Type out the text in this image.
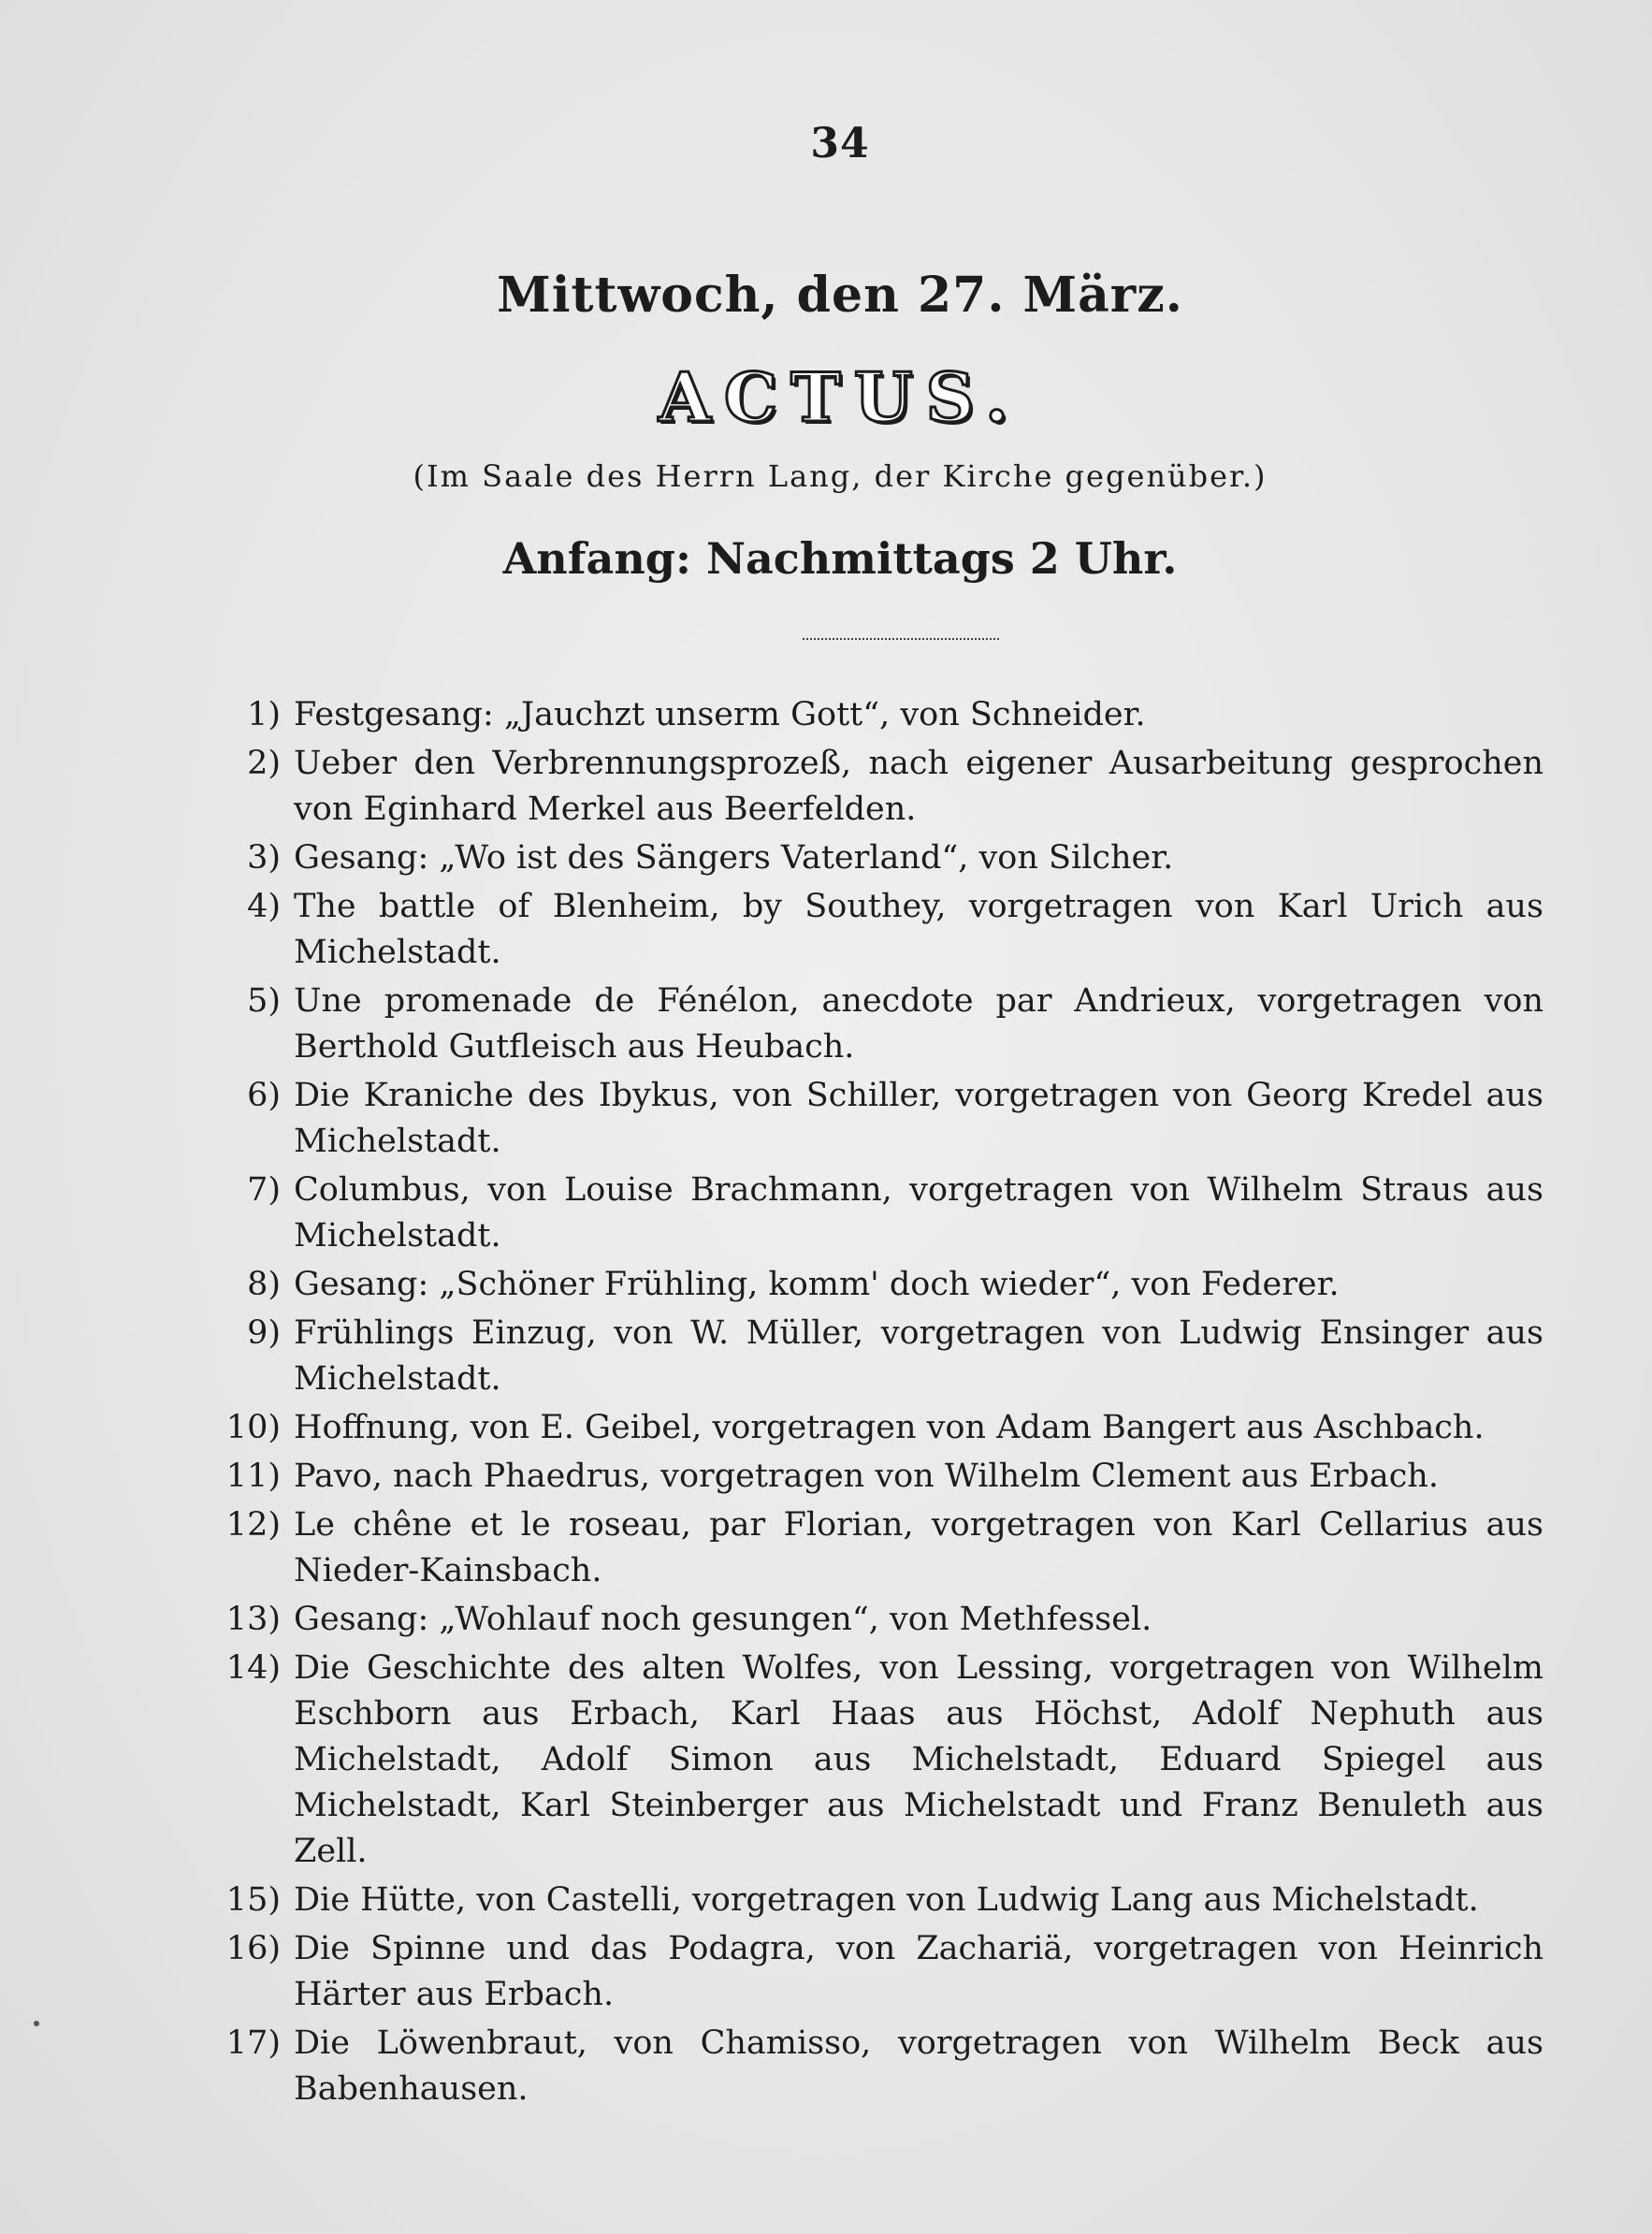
34
Mittwoch, den 27. März.
ACTUS.
(Im Saale des Herrn Lang, der Kirche gegenüber.)
Anfang: Nachmittags 2 Uhr.
1) Festgesang: „Jauchzt unserm Gott“, von Schneider.
2) Ueber den Verbrennungsprozeß, nach eigener Ausarbeitung gesprochen von Eginhard Merkel aus Beerfelden.
3) Gesang: „Wo ist des Sängers Vaterland“, von Silcher.
4) The battle of Blenheim, by Southey, vorgetragen von Karl Urich aus Michelstadt.
5) Une promenade de Fénélon, anecdote par Andrieux, vorgetragen von Berthold Gutfleisch aus Heubach.
6) Die Kraniche des Ibykus, von Schiller, vorgetragen von Georg Kredel aus Michelstadt.
7) Columbus, von Louise Brachmann, vorgetragen von Wilhelm Straus aus Michelstadt.
8) Gesang: „Schöner Frühling, komm' doch wieder“, von Federer.
9) Frühlings Einzug, von W. Müller, vorgetragen von Ludwig Ensinger aus Michelstadt.
10) Hoffnung, von E. Geibel, vorgetragen von Adam Bangert aus Aschbach.
11) Pavo, nach Phaedrus, vorgetragen von Wilhelm Clement aus Erbach.
12) Le chêne et le roseau, par Florian, vorgetragen von Karl Cellarius aus Nieder-Kainsbach.
13) Gesang: „Wohlauf noch gesungen“, von Methfessel.
14) Die Geschichte des alten Wolfes, von Lessing, vorgetragen von Wilhelm Eschborn aus Erbach, Karl Haas aus Höchst, Adolf Nephuth aus Michelstadt, Adolf Simon aus Michelstadt, Eduard Spiegel aus Michelstadt, Karl Steinberger aus Michelstadt und Franz Benuleth aus Zell.
15) Die Hütte, von Castelli, vorgetragen von Ludwig Lang aus Michelstadt.
16) Die Spinne und das Podagra, von Zachariä, vorgetragen von Heinrich Härter aus Erbach.
17) Die Löwenbraut, von Chamisso, vorgetragen von Wilhelm Beck aus Babenhausen.
